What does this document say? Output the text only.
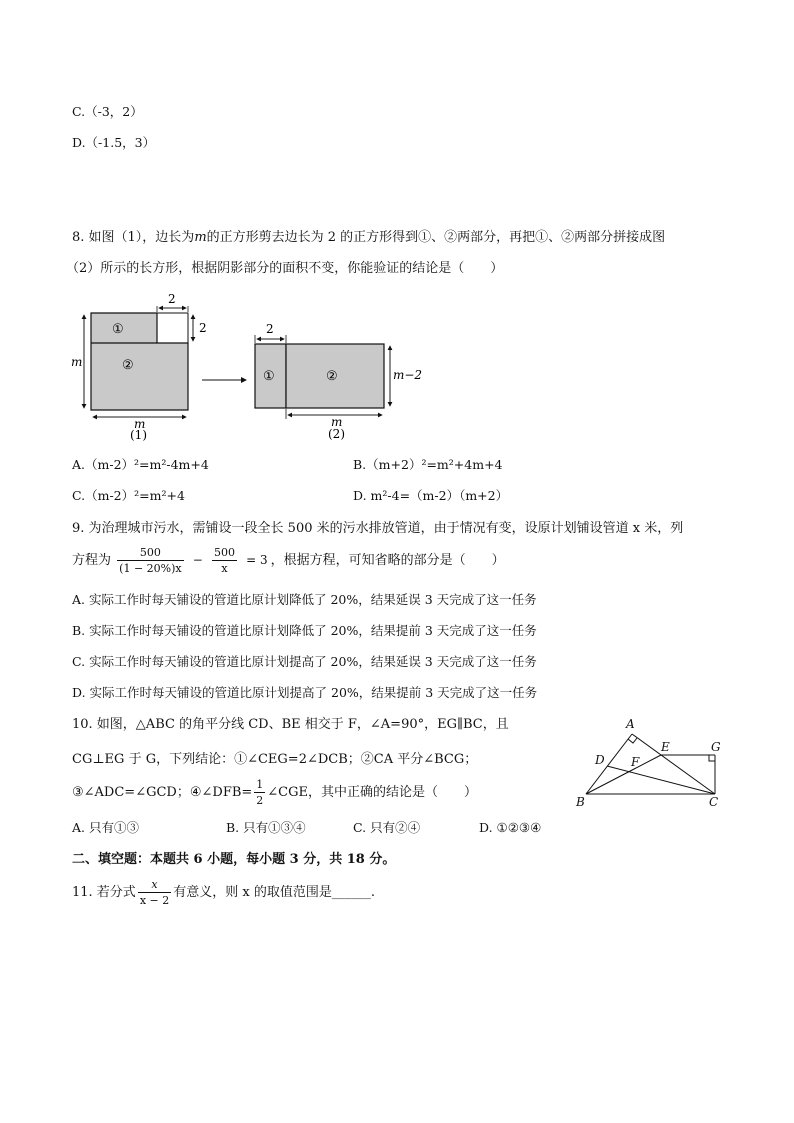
C.（-3，2）
D.（-1.5，3）
8. 如图（1），边长为m的正方形剪去边长为 2 的正方形得到①、②两部分，再把①、②两部分拼接成图
（2）所示的长方形，根据阴影部分的面积不变，你能验证的结论是（　　）
①
②
2
2
m
m
(1)
①	②
2
m−2
m
(2)
A.（m-2）²=m²-4m+4	B.（m+2）²=m²+4m+4
C.（m-2）²=m²+4	D. m²-4=（m-2）（m+2）
9. 为治理城市污水，需铺设一段全长 500 米的污水排放管道，由于情况有变，设原计划铺设管道 x 米，列
方程为 $\frac{500}{(1 - 20\%)x} - \frac{500}{x} = 3$ ，根据方程，可知省略的部分是（　　）
A. 实际工作时每天铺设的管道比原计划降低了 20%，结果延误 3 天完成了这一任务
B. 实际工作时每天铺设的管道比原计划降低了 20%，结果提前 3 天完成了这一任务
C. 实际工作时每天铺设的管道比原计划提高了 20%，结果延误 3 天完成了这一任务
D. 实际工作时每天铺设的管道比原计划提高了 20%，结果提前 3 天完成了这一任务
10. 如图，△ABC 的角平分线 CD、BE 相交于 F，∠A=90°，EG∥BC，且
CG⊥EG 于 G，下列结论：①∠CEG=2∠DCB；②CA 平分∠BCG；
③∠ADC=∠GCD；④∠DFB= $\frac{1}{2}$ ∠CGE，其中正确的结论是（　　）
A
B	C
D
E
F
G
A. 只有①③	B. 只有①③④	C. 只有②④	D. ①②③④
二、填空题：本题共 6 小题，每小题 3 分，共 18 分。
11. 若分式 $\frac{x}{x - 2}$ 有意义，则 x 的取值范围是______.
